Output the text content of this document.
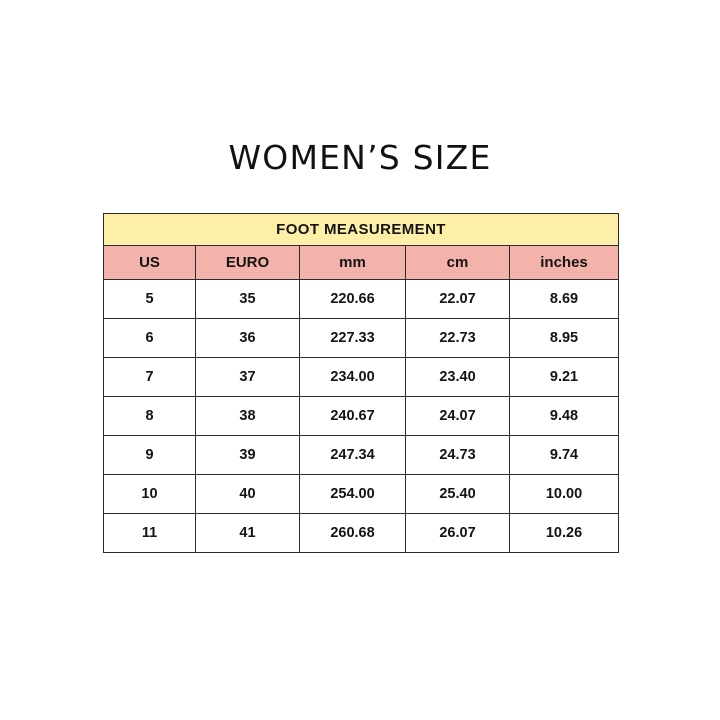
WOMEN’S SIZE
FOOT MEASUREMENT				
US	EURO	mm	cm	inches
5	35	220.66	22.07	8.69
6	36	227.33	22.73	8.95
7	37	234.00	23.40	9.21
8	38	240.67	24.07	9.48
9	39	247.34	24.73	9.74
10	40	254.00	25.40	10.00
11	41	260.68	26.07	10.26
